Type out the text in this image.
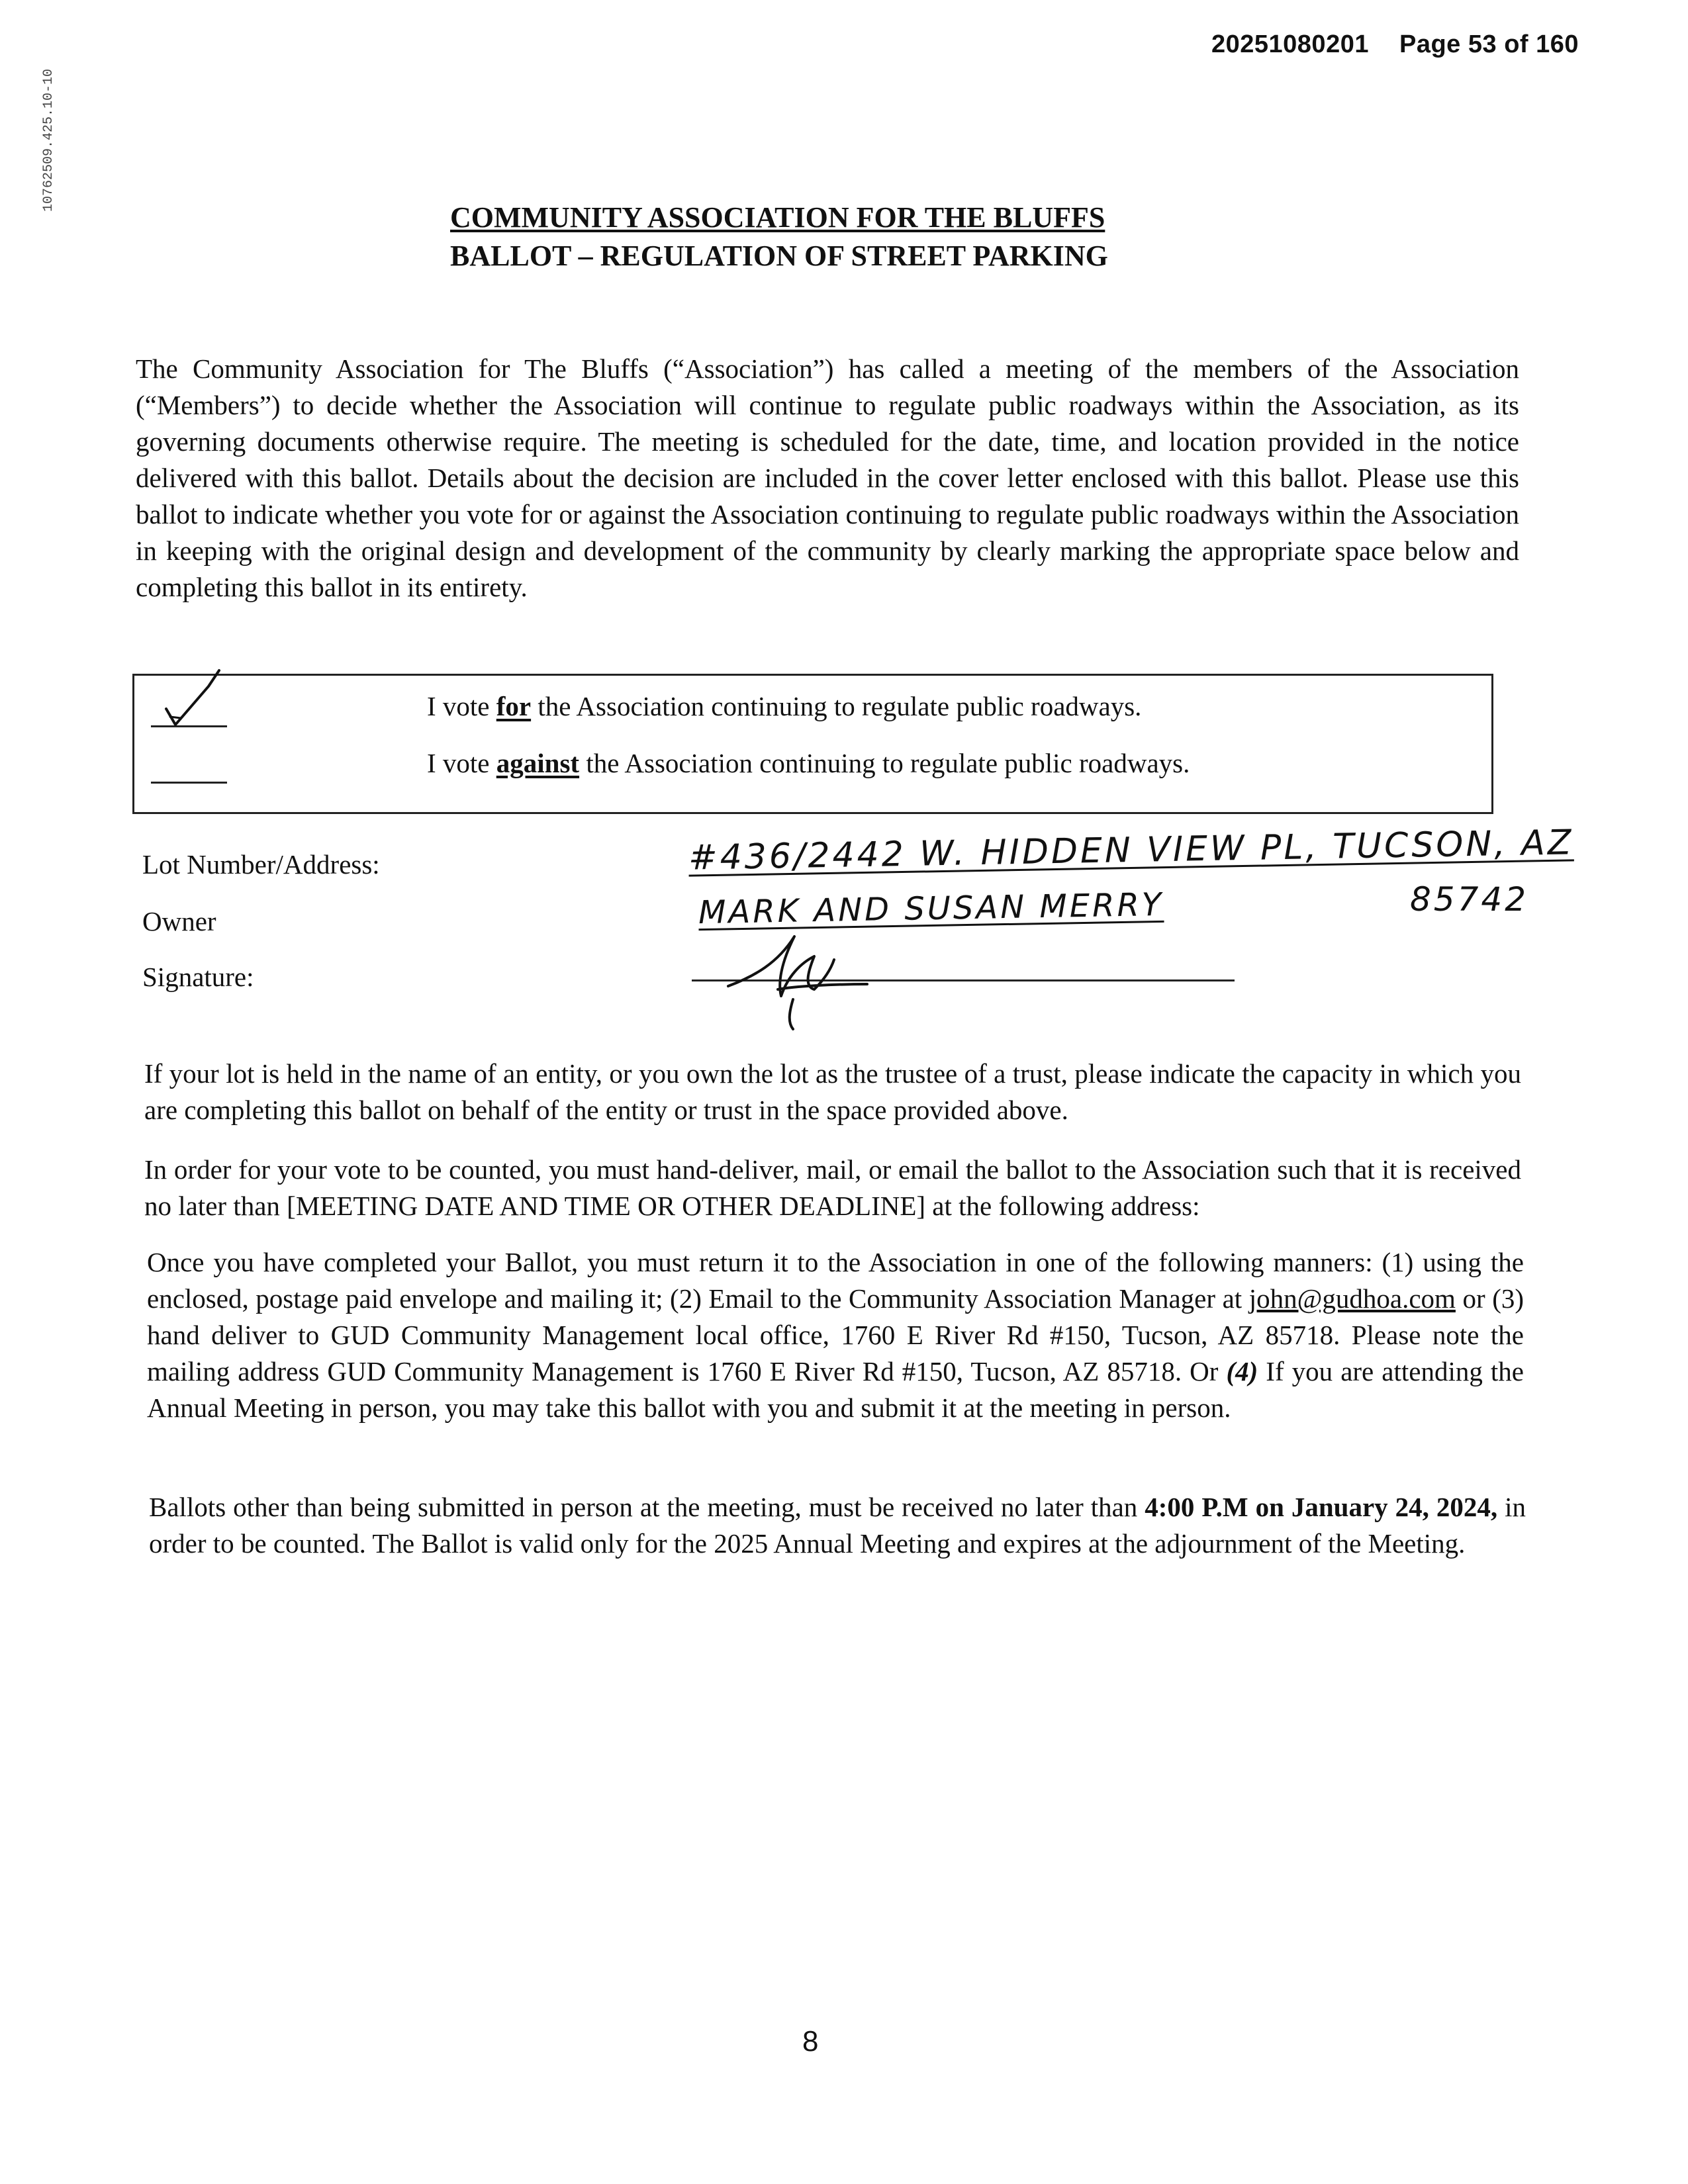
20251080201 Page 53 of 160
10762509.425.10-10
COMMUNITY ASSOCIATION FOR THE BLUFFS
BALLOT – REGULATION OF STREET PARKING
The Community Association for The Bluffs (“Association”) has called a meeting of the members of the Association (“Members”) to decide whether the Association will continue to regulate public roadways within the Association, as its governing documents otherwise require. The meeting is scheduled for the date, time, and location provided in the notice delivered with this ballot. Details about the decision are included in the cover letter enclosed with this ballot. Please use this ballot to indicate whether you vote for or against the Association continuing to regulate public roadways within the Association in keeping with the original design and development of the community by clearly marking the appropriate space below and completing this ballot in its entirety.
I vote for the Association continuing to regulate public roadways.
I vote against the Association continuing to regulate public roadways.
Lot Number/Address:	#436/2442 W. HIDDEN VIEW PL, TUCSON, AZ
85742
Owner	MARK AND SUSAN MERRY
Signature:
If your lot is held in the name of an entity, or you own the lot as the trustee of a trust, please indicate the capacity in which you are completing this ballot on behalf of the entity or trust in the space provided above.
In order for your vote to be counted, you must hand-deliver, mail, or email the ballot to the Association such that it is received no later than [MEETING DATE AND TIME OR OTHER DEADLINE] at the following address:
Once you have completed your Ballot, you must return it to the Association in one of the following manners: (1) using the enclosed, postage paid envelope and mailing it; (2) Email to the Community Association Manager at john@gudhoa.com or (3) hand deliver to GUD Community Management local office, 1760 E River Rd #150, Tucson, AZ 85718. Please note the mailing address GUD Community Management is 1760 E River Rd #150, Tucson, AZ 85718. Or (4) If you are attending the Annual Meeting in person, you may take this ballot with you and submit it at the meeting in person.
Ballots other than being submitted in person at the meeting, must be received no later than 4:00 P.M on January 24, 2024, in order to be counted. The Ballot is valid only for the 2025 Annual Meeting and expires at the adjournment of the Meeting.
8
